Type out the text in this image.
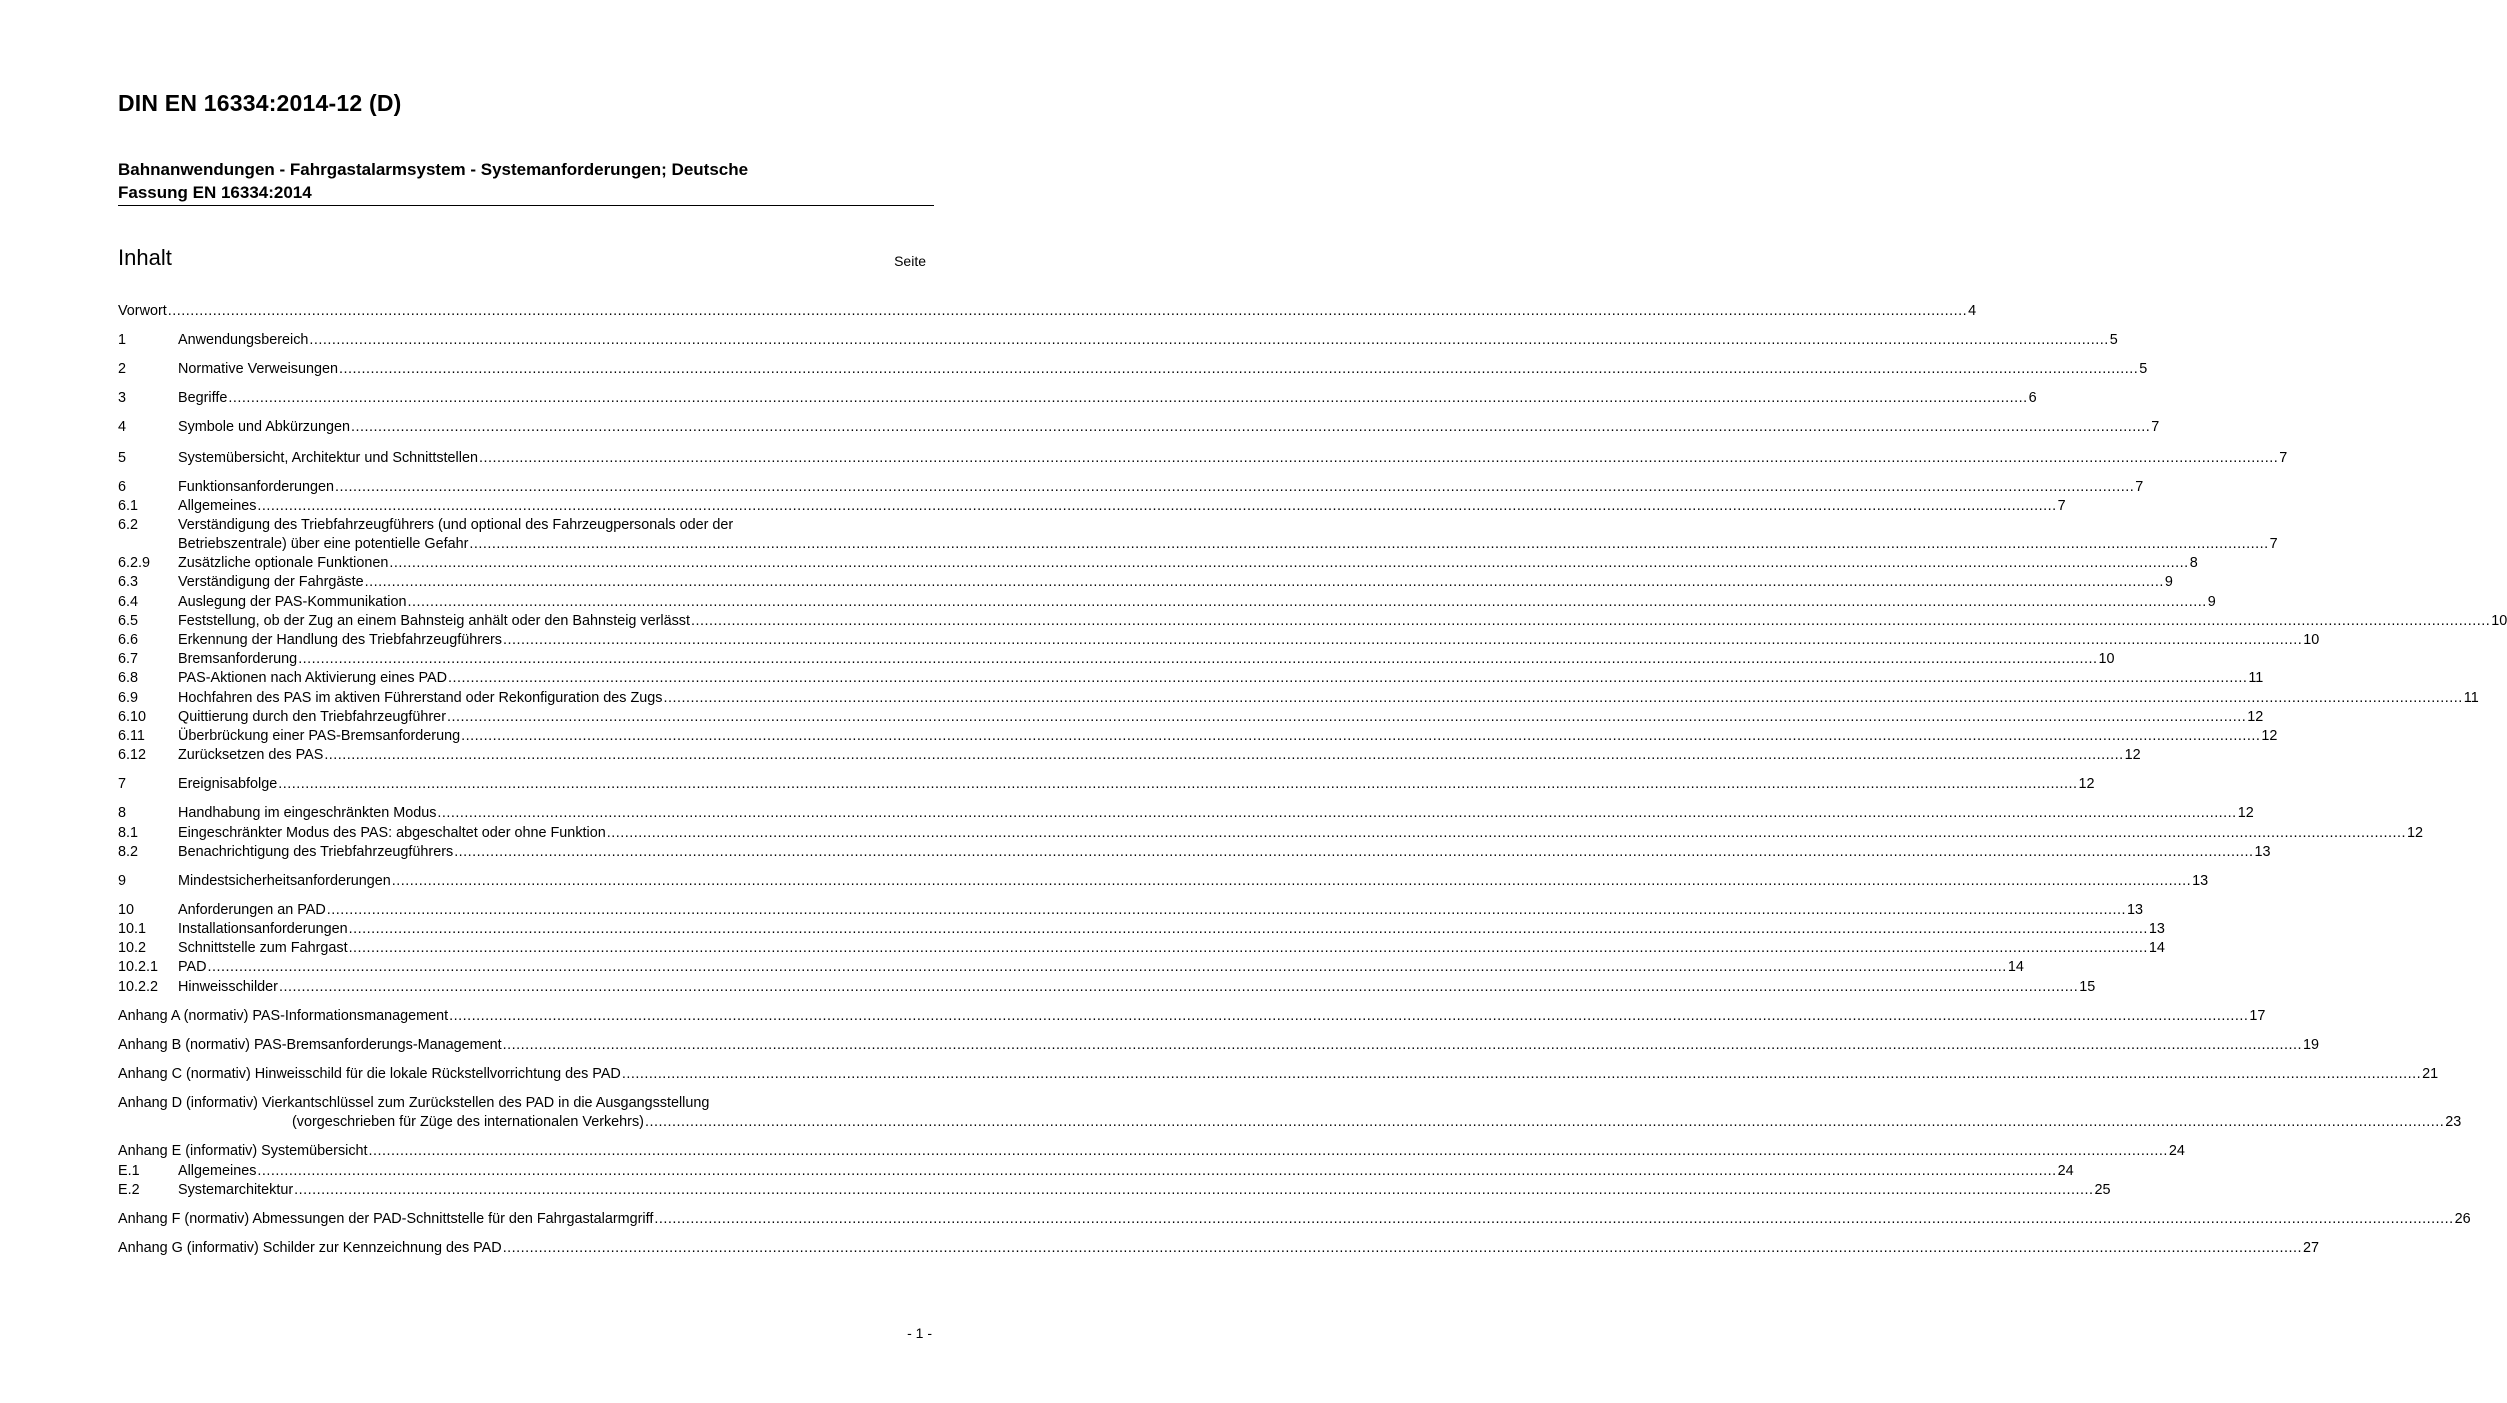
DIN EN 16334:2014-12 (D)
Bahnanwendungen - Fahrgastalarmsystem - Systemanforderungen; Deutsche
Fassung EN 16334:2014
Inhalt	Seite
Vorwort ................................................................................................................................................................................................................................................................................................................................................................................................................ 4
1	Anwendungsbereich ................................................................................................................................................................................................................................................................................................................................................................................................................ 5
2	Normative Verweisungen ................................................................................................................................................................................................................................................................................................................................................................................................................ 5
3	Begriffe ................................................................................................................................................................................................................................................................................................................................................................................................................ 6
4	Symbole und Abkürzungen ................................................................................................................................................................................................................................................................................................................................................................................................................ 7
5	Systemübersicht, Architektur und Schnittstellen ................................................................................................................................................................................................................................................................................................................................................................................................................ 7
6	Funktionsanforderungen ................................................................................................................................................................................................................................................................................................................................................................................................................ 7
6.1	Allgemeines ................................................................................................................................................................................................................................................................................................................................................................................................................ 7
6.2	Verständigung des Triebfahrzeugführers (und optional des Fahrzeugpersonals oder der
Betriebszentrale) über eine potentielle Gefahr ................................................................................................................................................................................................................................................................................................................................................................................................................ 7
6.2.9	Zusätzliche optionale Funktionen ................................................................................................................................................................................................................................................................................................................................................................................................................ 8
6.3	Verständigung der Fahrgäste ................................................................................................................................................................................................................................................................................................................................................................................................................ 9
6.4	Auslegung der PAS-Kommunikation ................................................................................................................................................................................................................................................................................................................................................................................................................ 9
6.5	Feststellung, ob der Zug an einem Bahnsteig anhält oder den Bahnsteig verlässt ................................................................................................................................................................................................................................................................................................................................................................................................................ 10
6.6	Erkennung der Handlung des Triebfahrzeugführers ................................................................................................................................................................................................................................................................................................................................................................................................................ 10
6.7	Bremsanforderung ................................................................................................................................................................................................................................................................................................................................................................................................................ 10
6.8	PAS-Aktionen nach Aktivierung eines PAD ................................................................................................................................................................................................................................................................................................................................................................................................................ 11
6.9	Hochfahren des PAS im aktiven Führerstand oder Rekonfiguration des Zugs ................................................................................................................................................................................................................................................................................................................................................................................................................ 11
6.10	Quittierung durch den Triebfahrzeugführer ................................................................................................................................................................................................................................................................................................................................................................................................................ 12
6.11	Überbrückung einer PAS-Bremsanforderung ................................................................................................................................................................................................................................................................................................................................................................................................................ 12
6.12	Zurücksetzen des PAS ................................................................................................................................................................................................................................................................................................................................................................................................................ 12
7	Ereignisabfolge ................................................................................................................................................................................................................................................................................................................................................................................................................ 12
8	Handhabung im eingeschränkten Modus ................................................................................................................................................................................................................................................................................................................................................................................................................ 12
8.1	Eingeschränkter Modus des PAS: abgeschaltet oder ohne Funktion ................................................................................................................................................................................................................................................................................................................................................................................................................ 12
8.2	Benachrichtigung des Triebfahrzeugführers ................................................................................................................................................................................................................................................................................................................................................................................................................ 13
9	Mindestsicherheitsanforderungen ................................................................................................................................................................................................................................................................................................................................................................................................................ 13
10	Anforderungen an PAD ................................................................................................................................................................................................................................................................................................................................................................................................................ 13
10.1	Installationsanforderungen ................................................................................................................................................................................................................................................................................................................................................................................................................ 13
10.2	Schnittstelle zum Fahrgast ................................................................................................................................................................................................................................................................................................................................................................................................................ 14
10.2.1	PAD ................................................................................................................................................................................................................................................................................................................................................................................................................ 14
10.2.2	Hinweisschilder ................................................................................................................................................................................................................................................................................................................................................................................................................ 15
Anhang A (normativ) PAS-Informationsmanagement ................................................................................................................................................................................................................................................................................................................................................................................................................ 17
Anhang B (normativ) PAS-Bremsanforderungs-Management ................................................................................................................................................................................................................................................................................................................................................................................................................ 19
Anhang C (normativ) Hinweisschild für die lokale Rückstellvorrichtung des PAD ................................................................................................................................................................................................................................................................................................................................................................................................................ 21
Anhang D (informativ) Vierkantschlüssel zum Zurückstellen des PAD in die Ausgangsstellung
(vorgeschrieben für Züge des internationalen Verkehrs) ................................................................................................................................................................................................................................................................................................................................................................................................................ 23
Anhang E (informativ) Systemübersicht ................................................................................................................................................................................................................................................................................................................................................................................................................ 24
E.1	Allgemeines ................................................................................................................................................................................................................................................................................................................................................................................................................ 24
E.2	Systemarchitektur ................................................................................................................................................................................................................................................................................................................................................................................................................ 25
Anhang F (normativ) Abmessungen der PAD-Schnittstelle für den Fahrgastalarmgriff ................................................................................................................................................................................................................................................................................................................................................................................................................ 26
Anhang G (informativ) Schilder zur Kennzeichnung des PAD ................................................................................................................................................................................................................................................................................................................................................................................................................ 27
- 1 -
